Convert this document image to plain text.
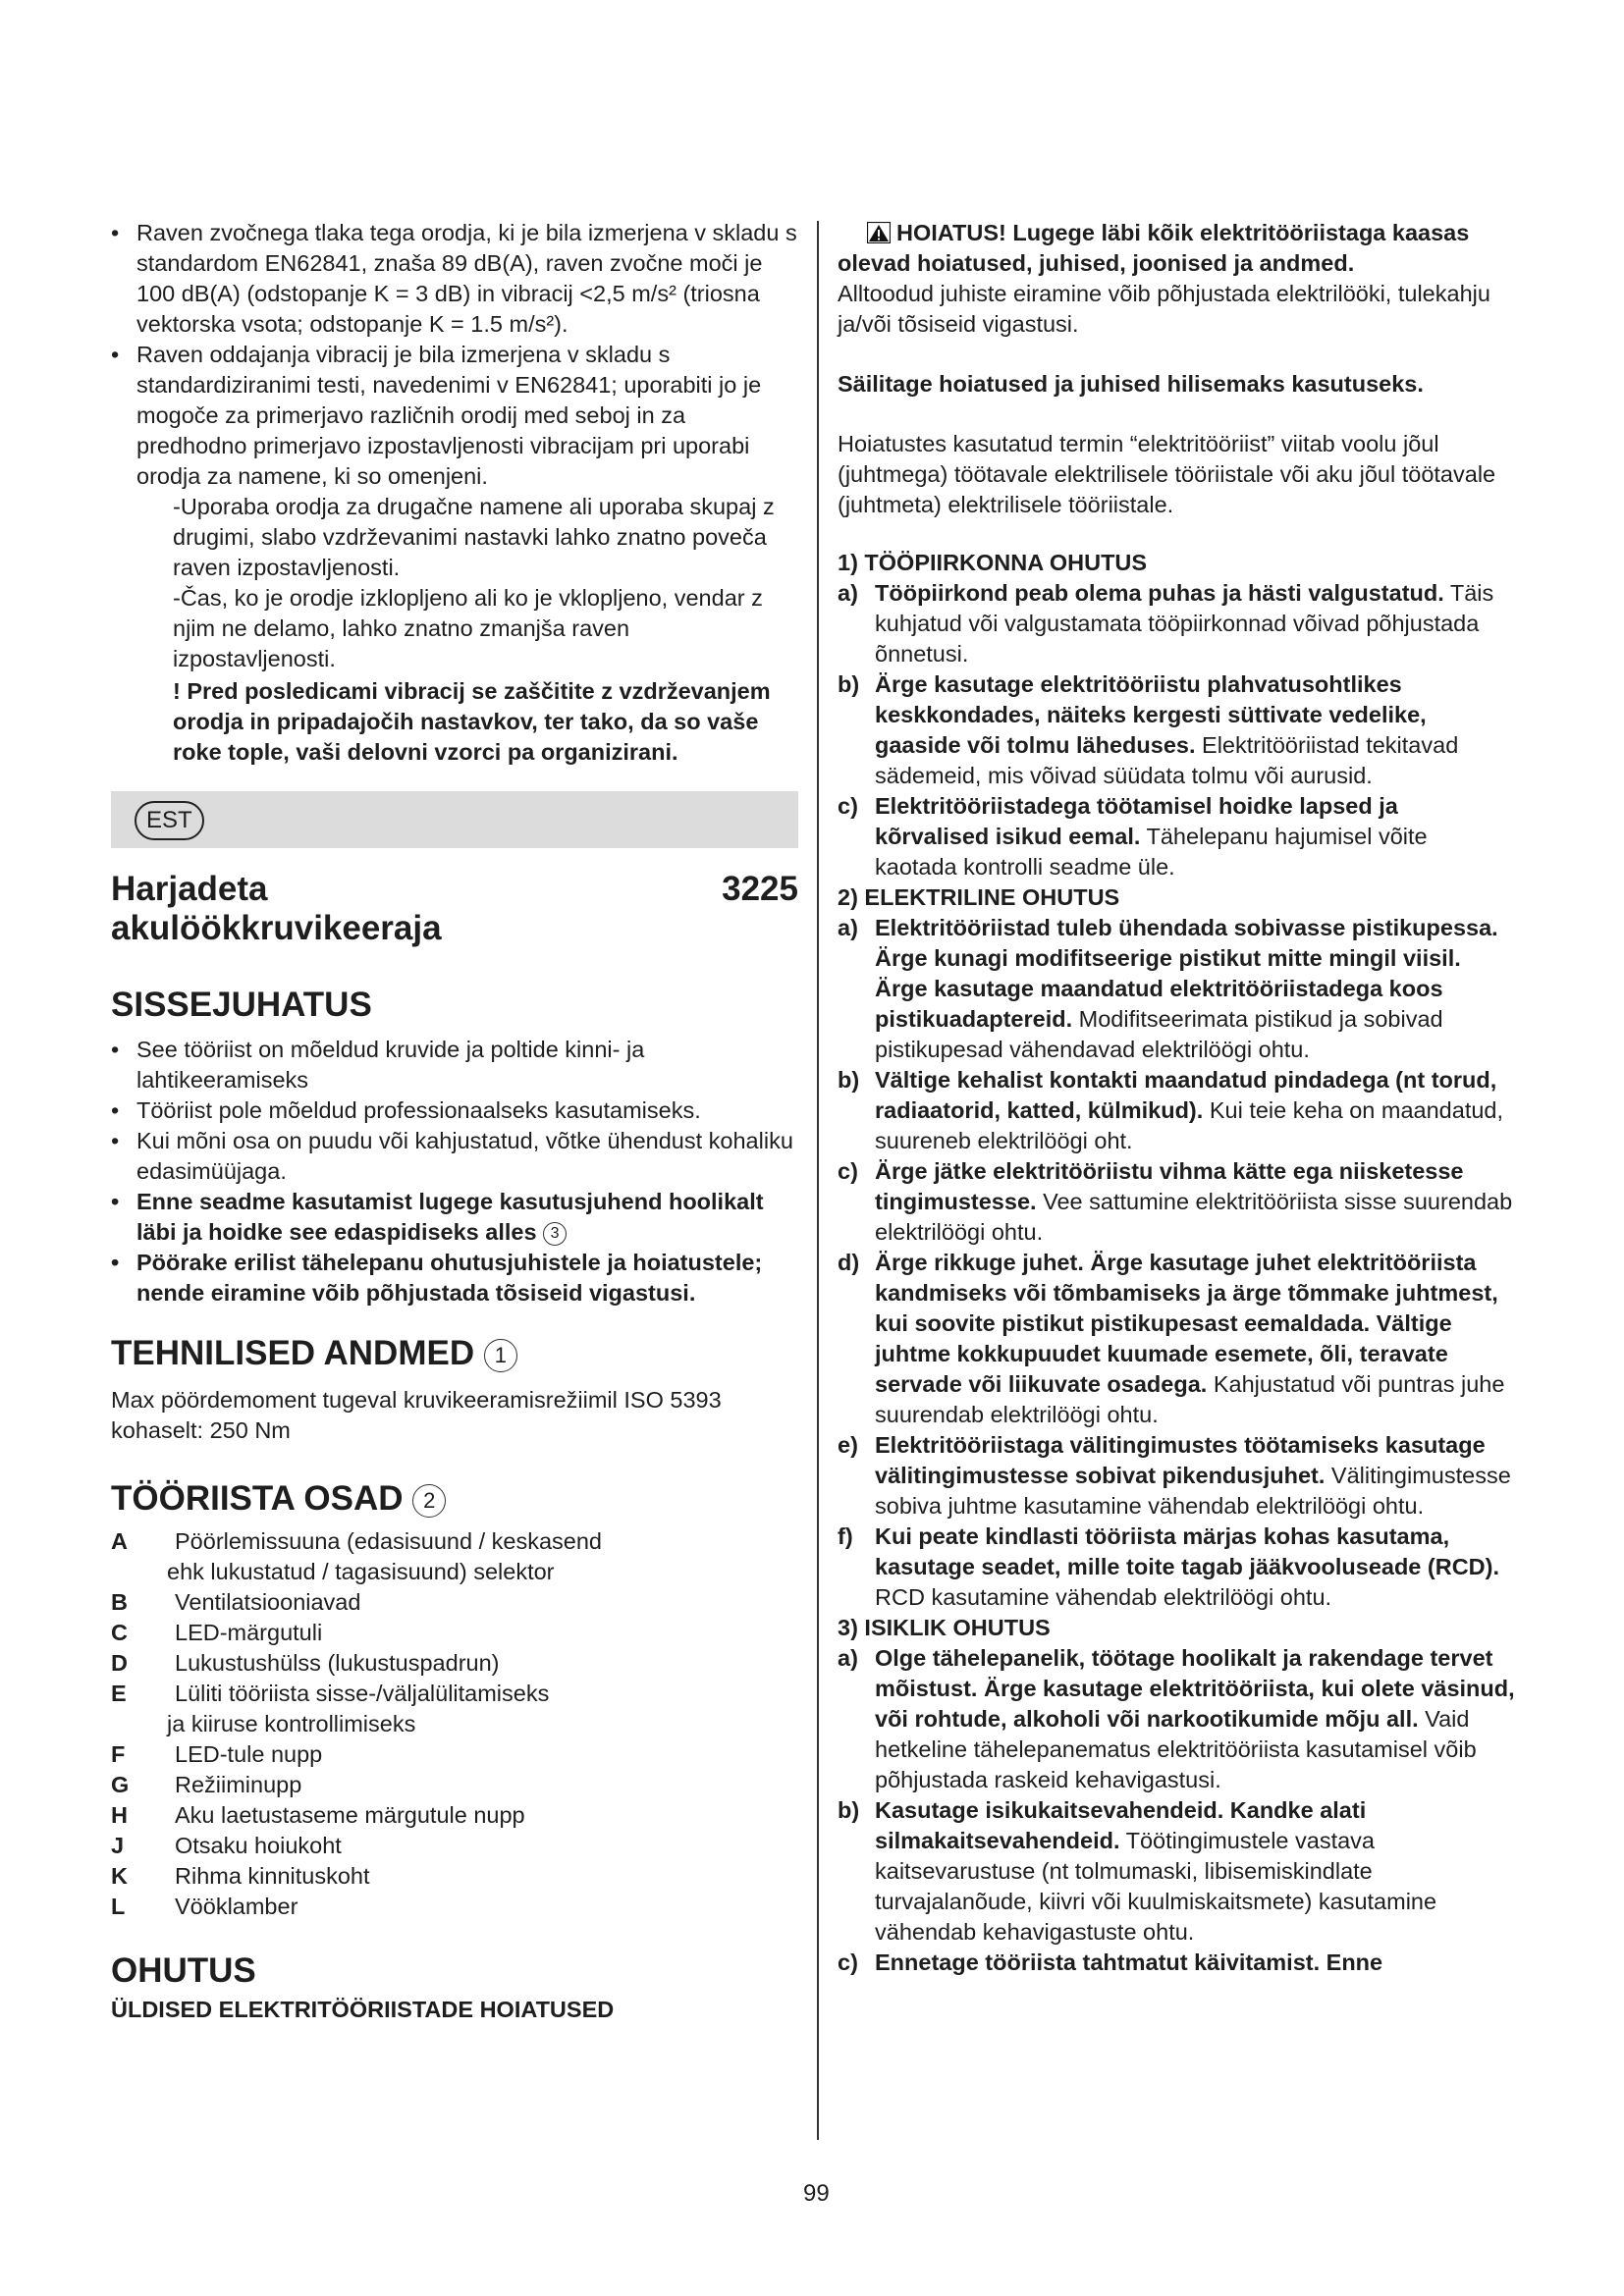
• Raven zvočnega tlaka tega orodja, ki je bila izmerjena v skladu s standardom EN62841, znaša 89 dB(A), raven zvočne moči je 100 dB(A) (odstopanje K = 3 dB) in vibracij <2,5 m/s² (triosna vektorska vsota; odstopanje K = 1.5 m/s²).
• Raven oddajanja vibracij je bila izmerjena v skladu s standardiziranimi testi, navedenimi v EN62841; uporabiti jo je mogoče za primerjavo različnih orodij med seboj in za predhodno primerjavo izpostavljenosti vibracijam pri uporabi orodja za namene, ki so omenjeni.

-Uporaba orodja za drugačne namene ali uporaba skupaj z drugimi, slabo vzdrževanimi nastavki lahko znatno poveča raven izpostavljenosti.

-Čas, ko je orodje izklopljeno ali ko je vklopljeno, vendar z njim ne delamo, lahko znatno zmanjša raven izpostavljenosti.

! Pred posledicami vibracij se zaščitite z vzdrževanjem orodja in pripadajočih nastavkov, ter tako, da so vaše roke tople, vaši delovni vzorci pa organizirani.

EST
Harjadeta
akulöökkruvikeeraja
3225
SISSEJUHATUS
• See tööriist on mõeldud kruvide ja poltide kinni- ja lahtikeeramiseks
• Tööriist pole mõeldud professionaalseks kasutamiseks.
• Kui mõni osa on puudu või kahjustatud, võtke ühendust kohaliku edasimüüjaga.
• Enne seadme kasutamist lugege kasutusjuhend hoolikalt läbi ja hoidke see edaspidiseks alles 3
• Pöörake erilist tähelepanu ohutusjuhistele ja hoiatustele; nende eiramine võib põhjustada tõsiseid vigastusi.
TEHNILISED ANDMED 1

Max pöördemoment tugeval kruvikeeramisrežiimil ISO 5393 kohaselt: 250 Nm

TÖÖRIISTA OSAD 2
A	Pöörlemissuuna (edasisuund / keskasend
ehk lukustatud / tagasisuund) selektor
B	Ventilatsiooniavad
C	LED-märgutuli
D	Lukustushülss (lukustuspadrun)
E	Lüliti tööriista sisse-/väljalülitamiseks
ja kiiruse kontrollimiseks
F	LED-tule nupp
G	Režiiminupp
H	Aku laetustaseme märgutule nupp
J	Otsaku hoiukoht
K	Rihma kinnituskoht
L	Vööklamber
OHUTUS
ÜLDISED ELEKTRITÖÖRIISTADE HOIATUSED

HOIATUS! Lugege läbi kõik elektritööriistaga kaasas olevad hoiatused, juhised, joonised ja andmed.

Alltoodud juhiste eiramine võib põhjustada elektrilööki, tulekahju ja/või tõsiseid vigastusi.

Säilitage hoiatused ja juhised hilisemaks kasutuseks.

Hoiatustes kasutatud termin “elektritööriist” viitab voolu jõul (juhtmega) töötavale elektrilisele tööriistale või aku jõul töötavale (juhtmeta) elektrilisele tööriistale.

1) TÖÖPIIRKONNA OHUTUS
a) Tööpiirkond peab olema puhas ja hästi valgustatud. Täis kuhjatud või valgustamata tööpiirkonnad võivad põhjustada õnnetusi.
b) Ärge kasutage elektritööriistu plahvatusohtlikes keskkondades, näiteks kergesti süttivate vedelike, gaaside või tolmu läheduses. Elektritööriistad tekitavad sädemeid, mis võivad süüdata tolmu või aurusid.
c) Elektritööriistadega töötamisel hoidke lapsed ja kõrvalised isikud eemal. Tähelepanu hajumisel võite kaotada kontrolli seadme üle.
2) ELEKTRILINE OHUTUS
a) Elektritööriistad tuleb ühendada sobivasse pistikupessa. Ärge kunagi modifitseerige pistikut mitte mingil viisil. Ärge kasutage maandatud elektritööriistadega koos pistikuadaptereid. Modifitseerimata pistikud ja sobivad pistikupesad vähendavad elektrilöögi ohtu.
b) Vältige kehalist kontakti maandatud pindadega (nt torud, radiaatorid, katted, külmikud). Kui teie keha on maandatud, suureneb elektrilöögi oht.
c) Ärge jätke elektritööriistu vihma kätte ega niisketesse tingimustesse. Vee sattumine elektritööriista sisse suurendab elektrilöögi ohtu.
d) Ärge rikkuge juhet. Ärge kasutage juhet elektritööriista kandmiseks või tõmbamiseks ja ärge tõmmake juhtmest, kui soovite pistikut pistikupesast eemaldada. Vältige juhtme kokkupuudet kuumade esemete, õli, teravate servade või liikuvate osadega. Kahjustatud või puntras juhe suurendab elektrilöögi ohtu.
e) Elektritööriistaga välitingimustes töötamiseks kasutage välitingimustesse sobivat pikendusjuhet. Välitingimustesse sobiva juhtme kasutamine vähendab elektrilöögi ohtu.
f) Kui peate kindlasti tööriista märjas kohas kasutama, kasutage seadet, mille toite tagab jääkvooluseade (RCD). RCD kasutamine vähendab elektrilöögi ohtu.
3) ISIKLIK OHUTUS
a) Olge tähelepanelik, töötage hoolikalt ja rakendage tervet mõistust. Ärge kasutage elektritööriista, kui olete väsinud, või rohtude, alkoholi või narkootikumide mõju all. Vaid hetkeline tähelepanematus elektritööriista kasutamisel võib põhjustada raskeid kehavigastusi.
b) Kasutage isikukaitsevahendeid. Kandke alati silmakaitsevahendeid. Töötingimustele vastava kaitsevarustuse (nt tolmumaski, libisemiskindlate turvajalanõude, kiivri või kuulmiskaitsmete) kasutamine vähendab kehavigastuste ohtu.
c) Ennetage tööriista tahtmatut käivitamist. Enne
99
